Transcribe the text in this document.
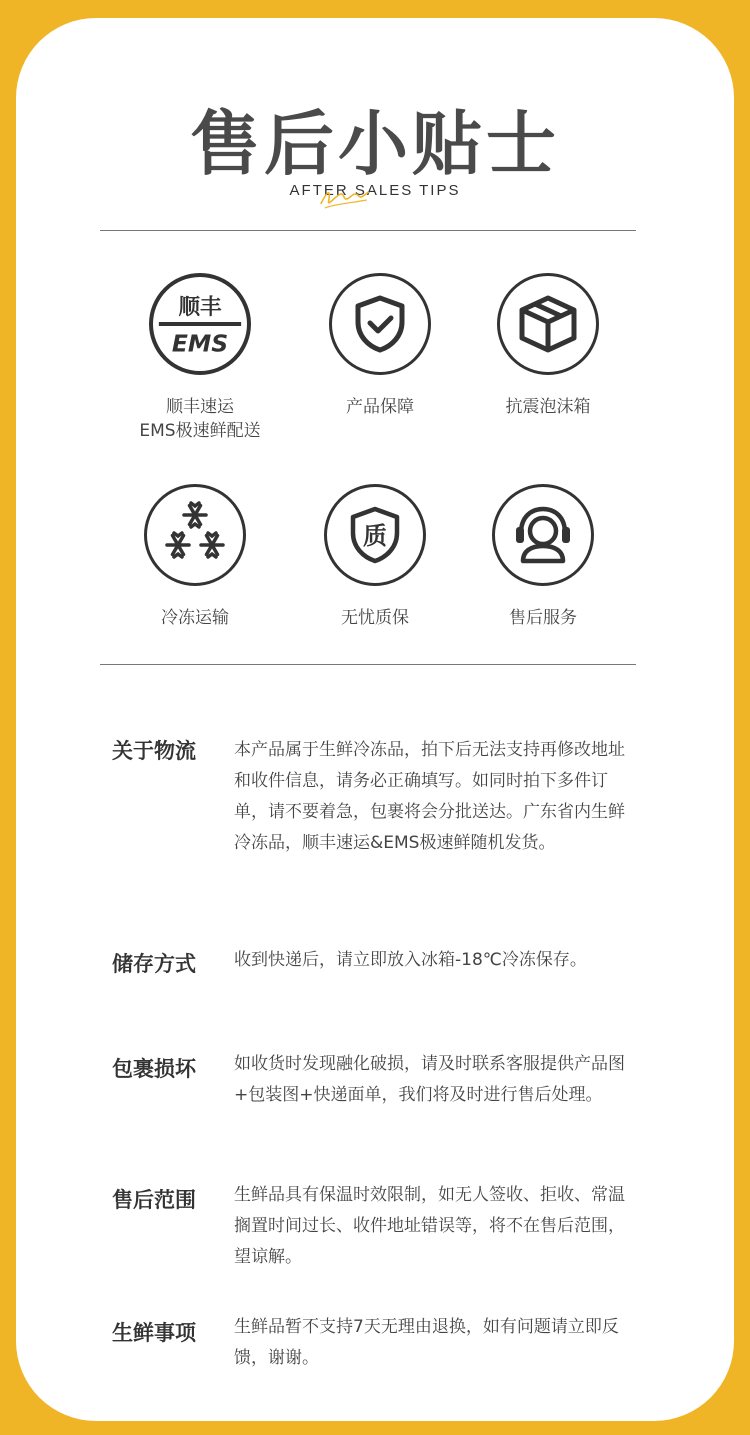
售后小贴士
AFTER SALES TIPS
顺丰
EMS
顺丰速运
EMS极速鲜配送
产品保障	抗震泡沫箱
冷冻运输
质
无忧质保	售后服务
关于物流 本产品属于生鲜冷冻品，拍下后无法支持再修改地址和收件信息，请务必正确填写。如同时拍下多件订单，请不要着急，包裹将会分批送达。广东省内生鲜冷冻品，顺丰速运&EMS极速鲜随机发货。
储存方式 收到快递后，请立即放入冰箱-18℃冷冻保存。
包裹损坏 如收货时发现融化破损，请及时联系客服提供产品图+包装图+快递面单，我们将及时进行售后处理。
售后范围 生鲜品具有保温时效限制，如无人签收、拒收、常温搁置时间过长、收件地址错误等，将不在售后范围，望谅解。
生鲜事项 生鲜品暂不支持7天无理由退换，如有问题请立即反馈，谢谢。
